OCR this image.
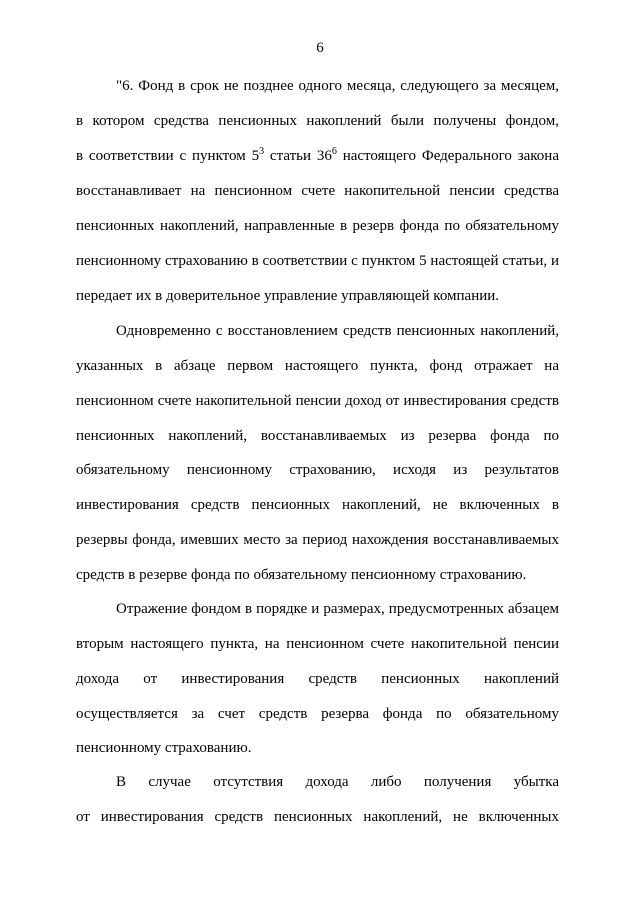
6
"6. Фонд в срок не позднее одного месяца, следующего за месяцем,
в котором средства пенсионных накоплений были получены фондом,
в соответствии с пунктом $5^3$ статьи $36^6$ настоящего Федерального закона
восстанавливает на пенсионном счете накопительной пенсии средства
пенсионных накоплений, направленные в резерв фонда по обязательному
пенсионному страхованию в соответствии с пунктом 5 настоящей статьи, и
передает их в доверительное управление управляющей компании.
Одновременно с восстановлением средств пенсионных накоплений,
указанных в абзаце первом настоящего пункта, фонд отражает на
пенсионном счете накопительной пенсии доход от инвестирования средств
пенсионных накоплений, восстанавливаемых из резерва фонда по
обязательному пенсионному страхованию, исходя из результатов
инвестирования средств пенсионных накоплений, не включенных в
резервы фонда, имевших место за период нахождения восстанавливаемых
средств в резерве фонда по обязательному пенсионному страхованию.
Отражение фондом в порядке и размерах, предусмотренных абзацем
вторым настоящего пункта, на пенсионном счете накопительной пенсии
дохода от инвестирования средств пенсионных накоплений
осуществляется за счет средств резерва фонда по обязательному
пенсионному страхованию.
В случае отсутствия дохода либо получения убытка
от инвестирования средств пенсионных накоплений, не включенных
